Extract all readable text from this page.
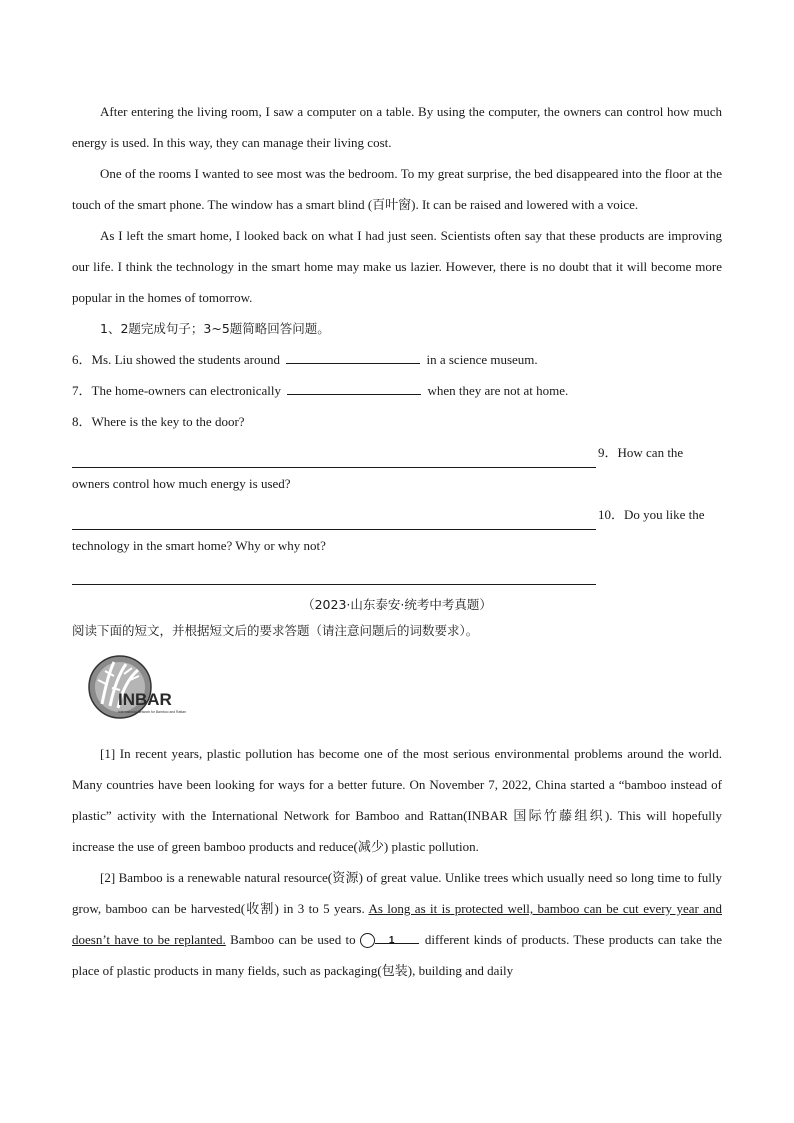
After entering the living room, I saw a computer on a table. By using the computer, the owners can control how much energy is used. In this way, they can manage their living cost.

One of the rooms I wanted to see most was the bedroom. To my great surprise, the bed disappeared into the floor at the touch of the smart phone. The window has a smart blind (百叶窗). It can be raised and lowered with a voice.

As I left the smart home, I looked back on what I had just seen. Scientists often say that these products are improving our life. I think the technology in the smart home may make us lazier. However, there is no doubt that it will become more popular in the homes of tomorrow.

1、2题完成句子；3~5题简略回答问题。

6．Ms. Liu showed the students around	in a science museum.

7．The home-owners can electronically	when they are not at home.

8．Where is the key to the door?

9．How can the

owners control how much energy is used?

10．Do you like the

technology in the smart home? Why or why not?

（2023·山东泰安·统考中考真题）
阅读下面的短文，并根据短文后的要求答题（请注意问题后的词数要求）。
INBAR
International Network for Bamboo and Rattan

[1] In recent years, plastic pollution has become one of the most serious environmental problems around the world. Many countries have been looking for ways for a better future. On November 7, 2022, China started a “bamboo instead of plastic” activity with the International Network for Bamboo and Rattan(INBAR 国际竹藤组织). This will hopefully increase the use of green bamboo products and reduce(减少) plastic pollution.

[2] Bamboo is a renewable natural resource(资源) of great value. Unlike trees which usually need so long time to fully grow, bamboo can be harvested(收割) in 3 to 5 years. As long as it is protected well, bamboo can be cut every year and doesn’t have to be replanted. Bamboo can be used to	1 different kinds of products. These products can take the place of plastic products in many fields, such as packaging(包装), building and daily
